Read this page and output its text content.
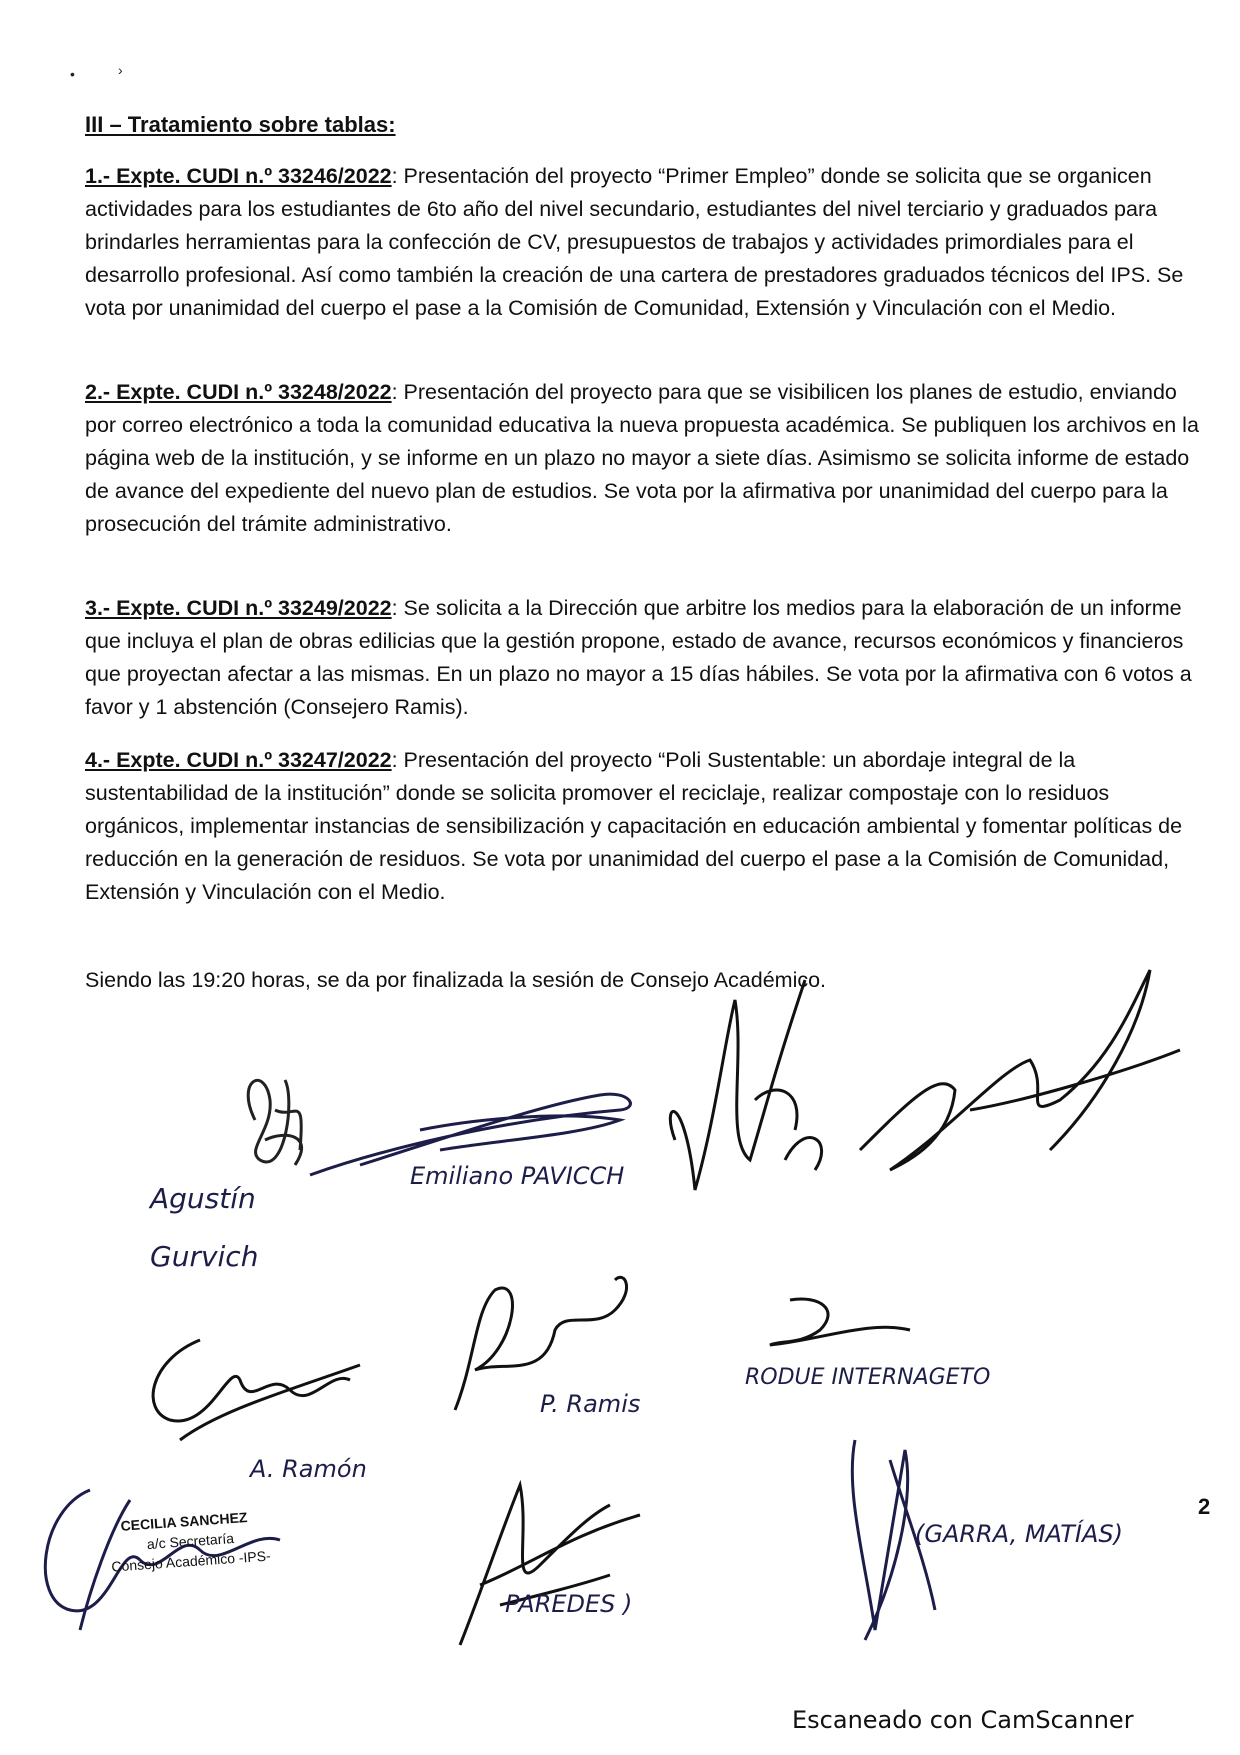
•	›
III – Tratamiento sobre tablas:

1.- Expte. CUDI n.º 33246/2022: Presentación del proyecto “Primer Empleo” donde se solicita que se organicen actividades para los estudiantes de 6to año del nivel secundario, estudiantes del nivel terciario y graduados para brindarles herramientas para la confección de CV, presupuestos de trabajos y actividades primordiales para el desarrollo profesional. Así como también la creación de una cartera de prestadores graduados técnicos del IPS. Se vota por unanimidad del cuerpo el pase a la Comisión de Comunidad, Extensión y Vinculación con el Medio.

2.- Expte. CUDI n.º 33248/2022: Presentación del proyecto para que se visibilicen los planes de estudio, enviando por correo electrónico a toda la comunidad educativa la nueva propuesta académica. Se publiquen los archivos en la página web de la institución, y se informe en un plazo no mayor a siete días. Asimismo se solicita informe de estado de avance del expediente del nuevo plan de estudios. Se vota por la afirmativa por unanimidad del cuerpo para la prosecución del trámite administrativo.

3.- Expte. CUDI n.º 33249/2022: Se solicita a la Dirección que arbitre los medios para la elaboración de un informe que incluya el plan de obras edilicias que la gestión propone, estado de avance, recursos económicos y financieros que proyectan afectar a las mismas. En un plazo no mayor a 15 días hábiles. Se vota por la afirmativa con 6 votos a favor y 1 abstención (Consejero Ramis).

4.- Expte. CUDI n.º 33247/2022: Presentación del proyecto “Poli Sustentable: un abordaje integral de la sustentabilidad de la institución” donde se solicita promover el reciclaje, realizar compostaje con lo residuos orgánicos, implementar instancias de sensibilización y capacitación en educación ambiental y fomentar políticas de reducción en la generación de residuos. Se vota por unanimidad del cuerpo el pase a la Comisión de Comunidad, Extensión y Vinculación con el Medio.

Siendo las 19:20 horas, se da por finalizada la sesión de Consejo Académico.

Agustín
Gurvich
Emiliano PAVICCH
A. Ramón
P. Ramis
RODUE INTERNAGETO
CECILIA SANCHEZ
a/c Secretaría
Consejo Académico -IPS-
PAREDES )
(GARRA, MATÍAS)
2
Escaneado con CamScanner
